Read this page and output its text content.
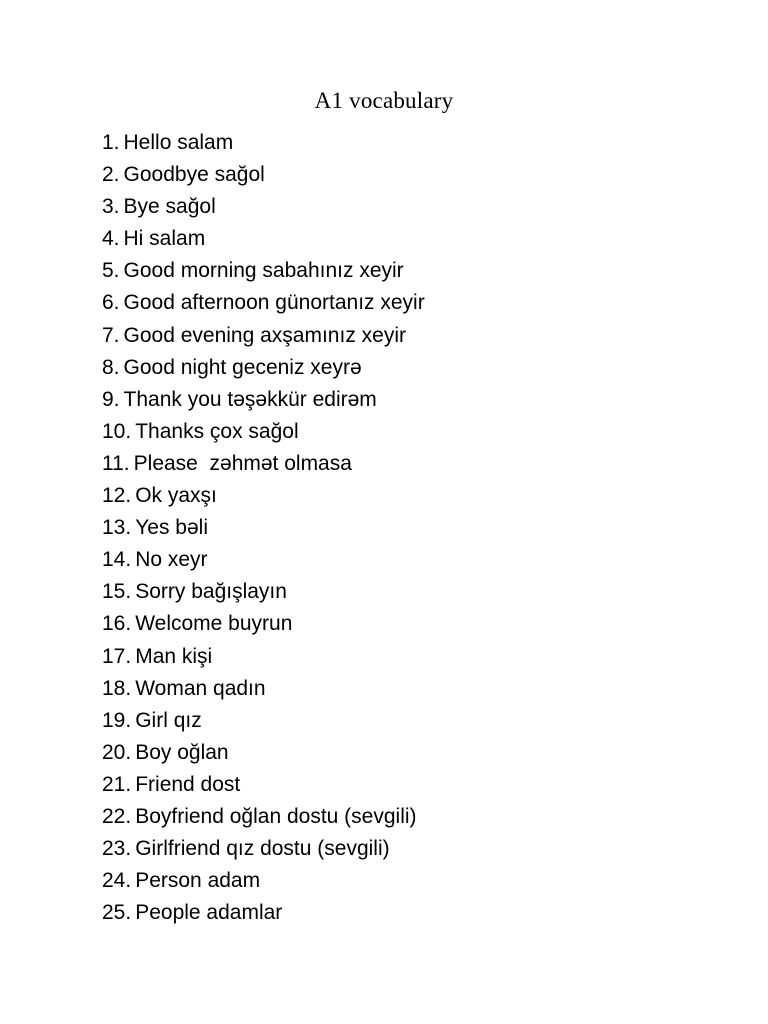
A1 vocabulary
1. Hello salam
2. Goodbye sağol
3. Bye sağol
4. Hi salam
5. Good morning sabahınız xeyir
6. Good afternoon günortanız xeyir
7. Good evening axşamınız xeyir
8. Good night geceniz xeyrə
9. Thank you təşəkkür edirəm
10. Thanks çox sağol
11. Please  zəhmət olmasa
12. Ok yaxşı
13. Yes bəli
14. No xeyr
15. Sorry bağışlayın
16. Welcome buyrun
17. Man kişi
18. Woman qadın
19. Girl qız
20. Boy oğlan
21. Friend dost
22. Boyfriend oğlan dostu (sevgili)
23. Girlfriend qız dostu (sevgili)
24. Person adam
25. People adamlar
